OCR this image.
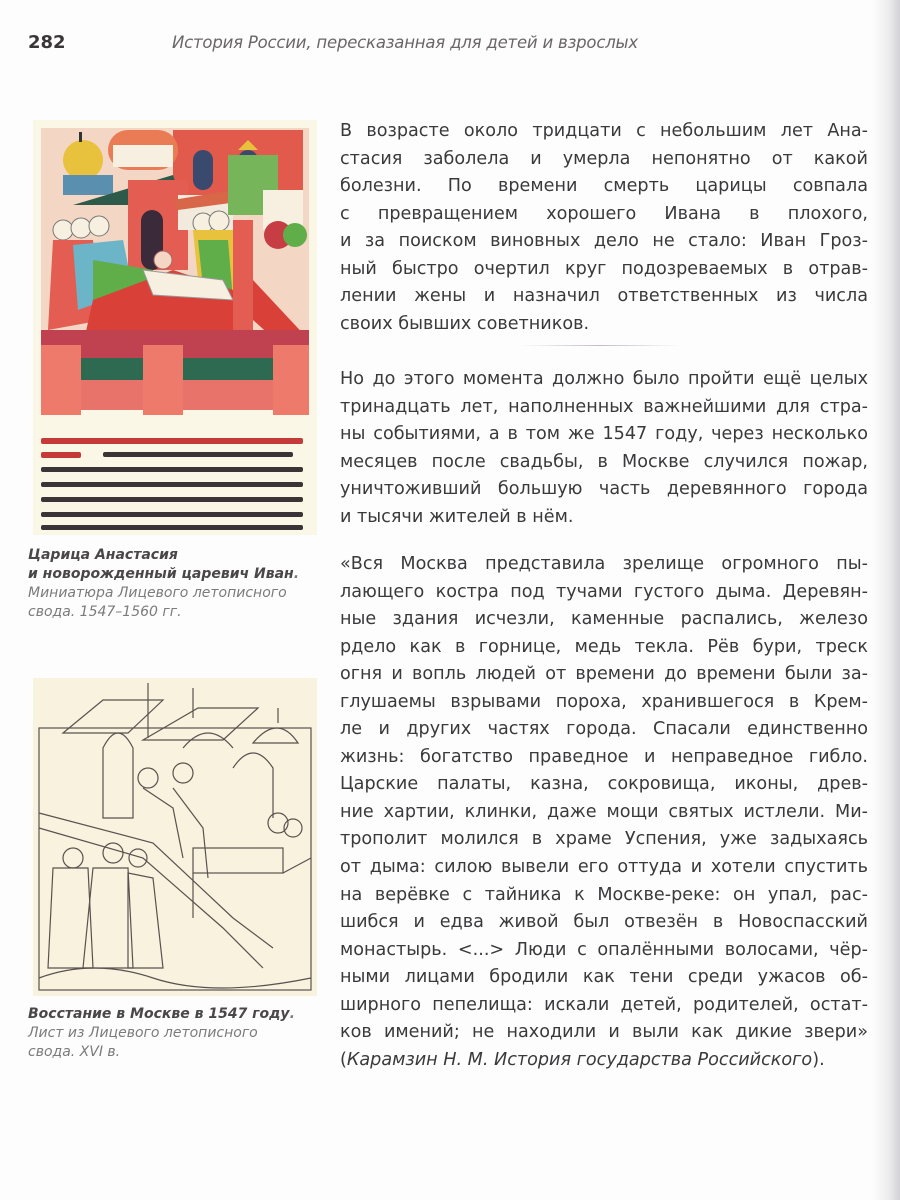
282	История России, пересказанная для детей и взрослых
Царица Анастасия
и новорожденный царевич Иван.
Миниатюра Лицевого летописного
свода. 1547–1560 гг.
Восстание в Москве в 1547 году.
Лист из Лицевого летописного
свода. XVI в.
В возрасте около тридцати с небольшим лет Ана-
стасия заболела и умерла непонятно от какой
болезни. По времени смерть царицы совпала
с превращением хорошего Ивана в плохого,
и за поиском виновных дело не стало: Иван Гроз-
ный быстро очертил круг подозреваемых в отрав-
лении жены и назначил ответственных из числа
своих бывших советников.
Но до этого момента должно было пройти ещё целых
тринадцать лет, наполненных важнейшими для стра-
ны событиями, а в том же 1547 году, через несколько
месяцев после свадьбы, в Москве случился пожар,
уничтоживший большую часть деревянного города
и тысячи жителей в нём.
«Вся Москва представила зрелище огромного пы-
лающего костра под тучами густого дыма. Деревян-
ные здания исчезли, каменные распались, железо
рдело как в горнице, медь текла. Рёв бури, треск
огня и вопль людей от времени до времени были за-
глушаемы взрывами пороха, хранившегося в Крем-
ле и других частях города. Спасали единственно
жизнь: богатство праведное и неправедное гибло.
Царские палаты, казна, сокровища, иконы, древ-
ние хартии, клинки, даже мощи святых истлели. Ми-
трополит молился в храме Успения, уже задыхаясь
от дыма: силою вывели его оттуда и хотели спустить
на верёвке с тайника к Москве-реке: он упал, рас-
шибся и едва живой был отвезён в Новоспасский
монастырь. <...> Люди с опалёнными волосами, чёр-
ными лицами бродили как тени среди ужасов об-
ширного пепелища: искали детей, родителей, остат-
ков имений; не находили и выли как дикие звери»
(Карамзин Н. М. История государства Российского).
